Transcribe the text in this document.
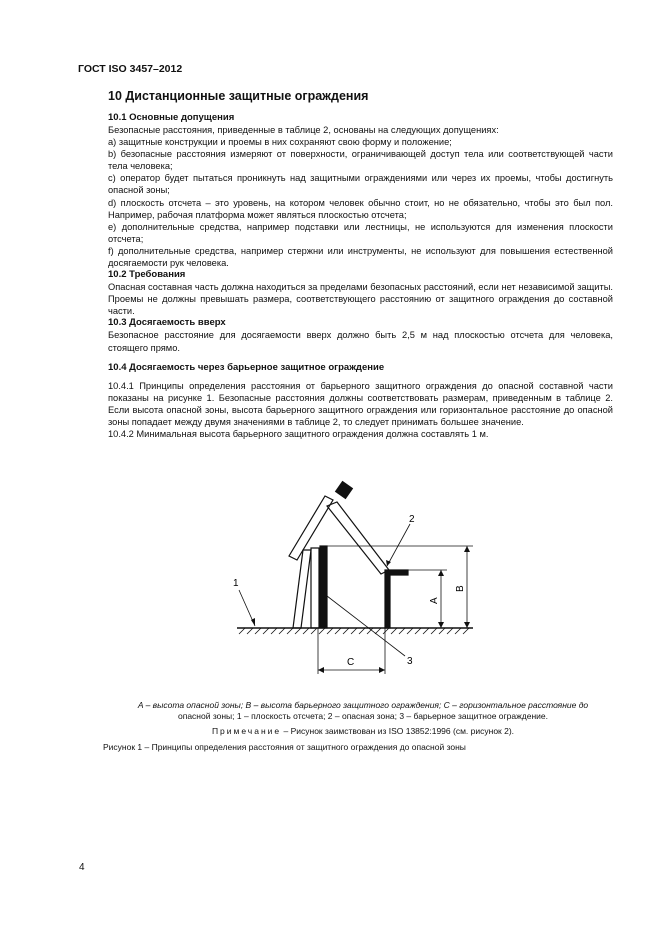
ГОСТ ISO 3457–2012
10 Дистанционные защитные ограждения
10.1 Основные допущения
Безопасные расстояния, приведенные в таблице 2, основаны на следующих допущениях:
а) защитные конструкции и проемы в них сохраняют свою форму и положение;
b) безопасные расстояния измеряют от поверхности, ограничивающей доступ тела или соответствующей части тела человека;
c) оператор будет пытаться проникнуть над защитными ограждениями или через их проемы, чтобы достигнуть опасной зоны;
d) плоскость отсчета – это уровень, на котором человек обычно стоит, но не обязательно, чтобы это был пол. Например, рабочая платформа может являться плоскостью отсчета;
e) дополнительные средства, например подставки или лестницы, не используются для изменения плоскости отсчета;
f) дополнительные средства, например стержни или инструменты, не используют для повышения естественной досягаемости рук человека.
10.2 Требования
Опасная составная часть должна находиться за пределами безопасных расстояний, если нет независимой защиты. Проемы не должны превышать размера, соответствующего расстоянию от защитного ограждения до составной части.
10.3 Досягаемость вверх
Безопасное расстояние для досягаемости вверх должно быть 2,5 м над плоскостью отсчета для человека, стоящего прямо.
10.4 Досягаемость через барьерное защитное ограждение
10.4.1 Принципы определения расстояния от барьерного защитного ограждения до опасной составной части показаны на рисунке 1. Безопасные расстояния должны соответствовать размерам, приведенным в таблице 2. Если высота опасной зоны, высота барьерного защитного ограждения или горизонтальное расстояние до опасной зоны попадает между двумя значениями в таблице 2, то следует принимать большее значение.
10.4.2 Минимальная высота барьерного защитного ограждения должна составлять 1 м.
1
2
3
A
B
C
A – высота опасной зоны; B – высота барьерного защитного ограждения; C – горизонтальное расстояние до
опасной зоны; 1 – плоскость отсчета; 2 – опасная зона; 3 – барьерное защитное ограждение.
Примечание – Рисунок заимствован из ISO 13852:1996 (см. рисунок 2).
Рисунок 1 – Принципы определения расстояния от защитного ограждения до опасной зоны
4
